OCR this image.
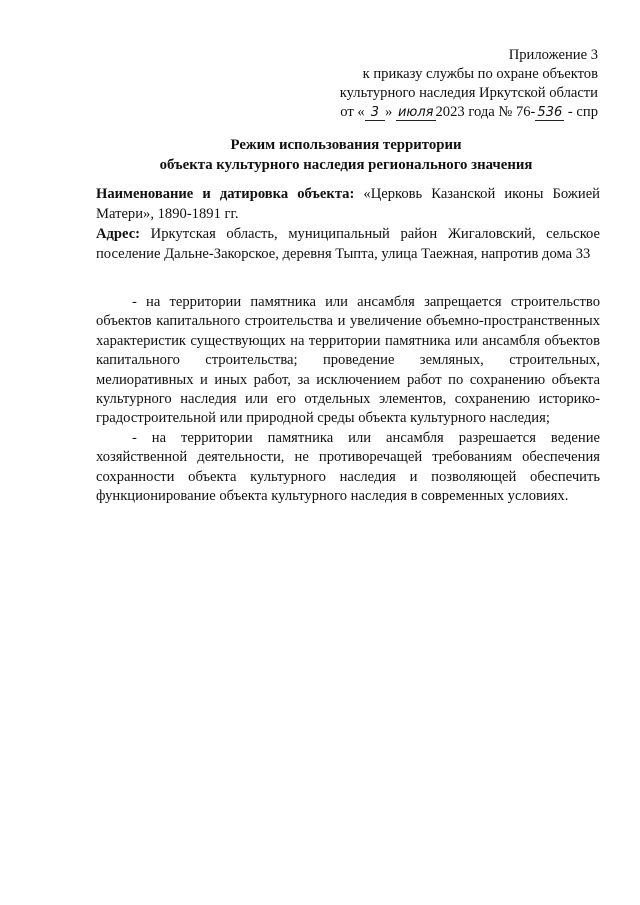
Приложение 3
к приказу службы по охране объектов
культурного наследия Иркутской области
от « 3 » июля 2023 года № 76- 536 - спр
Режим использования территории
объекта культурного наследия регионального значения

Наименование и датировка объекта: «Церковь Казанской иконы Божией Матери», 1890-1891 гг.

Адрес: Иркутская область, муниципальный район Жигаловский, сельское поселение Дальне-Закорское, деревня Тыпта, улица Таежная, напротив дома 33

- на территории памятника или ансамбля запрещается строительство объектов капитального строительства и увеличение объемно-пространственных характеристик существующих на территории памятника или ансамбля объектов капитального строительства; проведение земляных, строительных, мелиоративных и иных работ, за исключением работ по сохранению объекта культурного наследия или его отдельных элементов, сохранению историко-градостроительной или природной среды объекта культурного наследия;

- на территории памятника или ансамбля разрешается ведение хозяйственной деятельности, не противоречащей требованиям обеспечения сохранности объекта культурного наследия и позволяющей обеспечить функционирование объекта культурного наследия в современных условиях.
